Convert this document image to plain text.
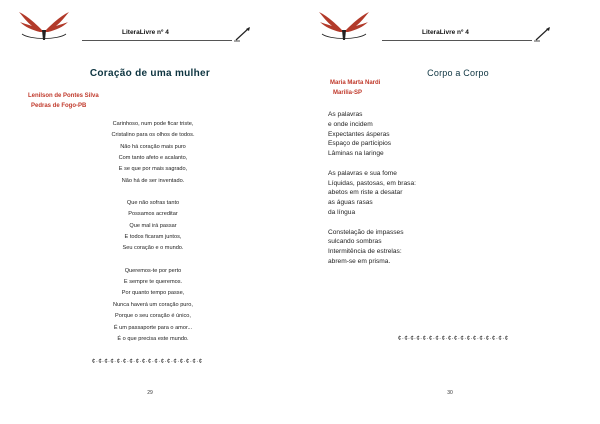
LiteraLivre nº 4
Coração de uma mulher
Lenilson de Pontes Silva
Pedras de Fogo-PB
Carinhoso, num pode ficar triste,
Cristalino para os olhos de todos.
Não há coração mais puro
Com tanto afeto e acalanto,
E se que por mais sagrado,
Não há de ser inventado.
Que não sofras tanto
Possamos acreditar
Que mal irá passar
E todos ficaram juntos,
Seu coração e o mundo.
Queremos-te por perto
E sempre te queremos.
Por quanto tempo passe,
Nunca haverá um coração puro,
Porque o seu coração é único,
É um passaporte para o amor...
É o que precisa este mundo.
¢·¢∙¢∙¢·¢·¢·¢·¢·¢∙¢·¢·¢·¢·¢·¢·¢·¢·¢
29
LiteraLivre nº 4
Corpo a Corpo
Maria Marta Nardi
Marilia-SP
As palavras
e onde incidem
Expectantes ásperas
Espaço de partícipios
Lâminas na laringe
As palavras e sua fome
Líquidas, pastosas, em brasa:
abetos em riste a desatar
as águas rasas
da língua
Constelação de impasses
sulcando sombras
Intermitência de estrelas:
abrem-se em prisma.
¢·¢∙¢∙¢·¢·¢·¢·¢·¢∙¢·¢·¢·¢·¢·¢·¢·¢·¢
30
